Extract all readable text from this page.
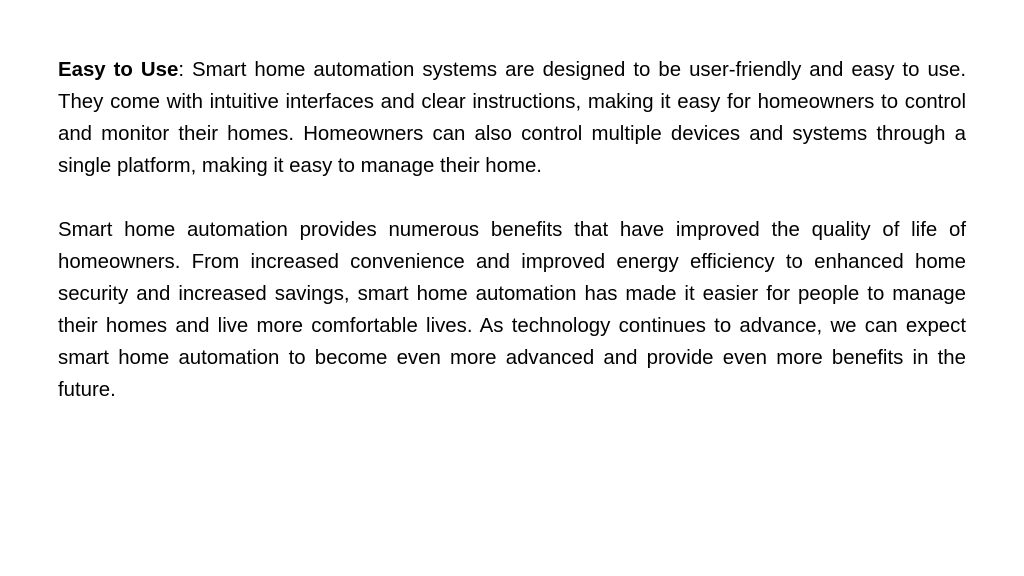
Easy to Use: Smart home automation systems are designed to be user-friendly and easy to use. They come with intuitive interfaces and clear instructions, making it easy for homeowners to control and monitor their homes. Homeowners can also control multiple devices and systems through a single platform, making it easy to manage their home.

Smart home automation provides numerous benefits that have improved the quality of life of homeowners. From increased convenience and improved energy efficiency to enhanced home security and increased savings, smart home automation has made it easier for people to manage their homes and live more comfortable lives. As technology continues to advance, we can expect smart home automation to become even more advanced and provide even more benefits in the future.
